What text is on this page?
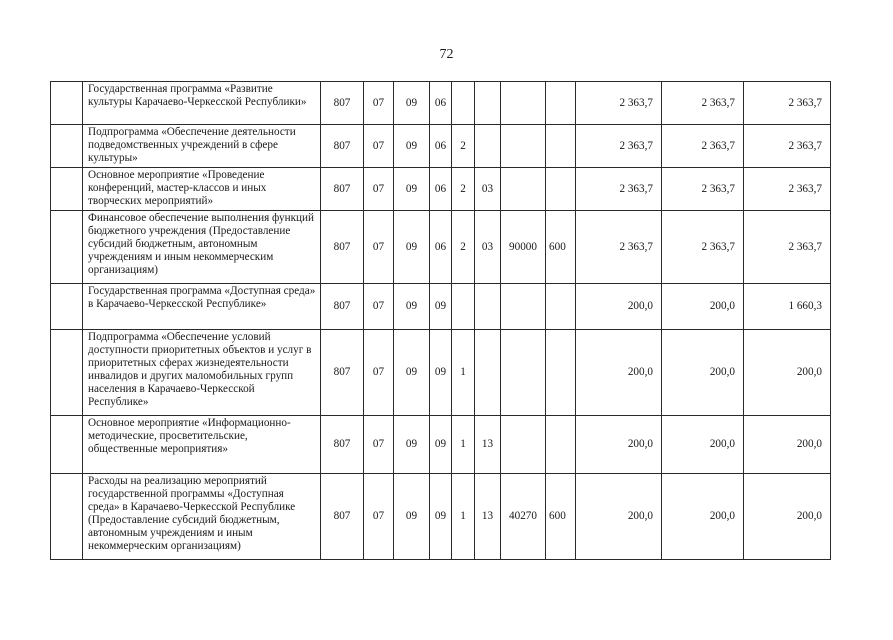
72
	Государственная программа «Развитие культуры Карачаево-Черкесской Республики»	807	07	09	06					2 363,7	2 363,7	2 363,7
	Подпрограмма «Обеспечение деятельности подведомственных учреждений в сфере культуры»	807	07	09	06	2				2 363,7	2 363,7	2 363,7
	Основное мероприятие «Проведение конференций, мастер-классов и иных творческих мероприятий»	807	07	09	06	2	03			2 363,7	2 363,7	2 363,7
	Финансовое обеспечение выполнения функций бюджетного учреждения (Предоставление субсидий бюджетным, автономным учреждениям и иным некоммерческим организациям)	807	07	09	06	2	03	90000	600	2 363,7	2 363,7	2 363,7
	Государственная программа «Доступная среда» в Карачаево-Черкесской Республике»	807	07	09	09					200,0	200,0	1 660,3
	Подпрограмма «Обеспечение условий доступности приоритетных объектов и услуг в приоритетных сферах жизнедеятельности инвалидов и других маломобильных групп населения в Карачаево-Черкесской Республике»	807	07	09	09	1				200,0	200,0	200,0
	Основное мероприятие «Информационно-методические, просветительские, общественные мероприятия»	807	07	09	09	1	13			200,0	200,0	200,0
	Расходы на реализацию мероприятий государственной программы «Доступная среда» в Карачаево-Черкесской Республике (Предоставление субсидий бюджетным, автономным учреждениям и иным некоммерческим организациям)	807	07	09	09	1	13	40270	600	200,0	200,0	200,0
